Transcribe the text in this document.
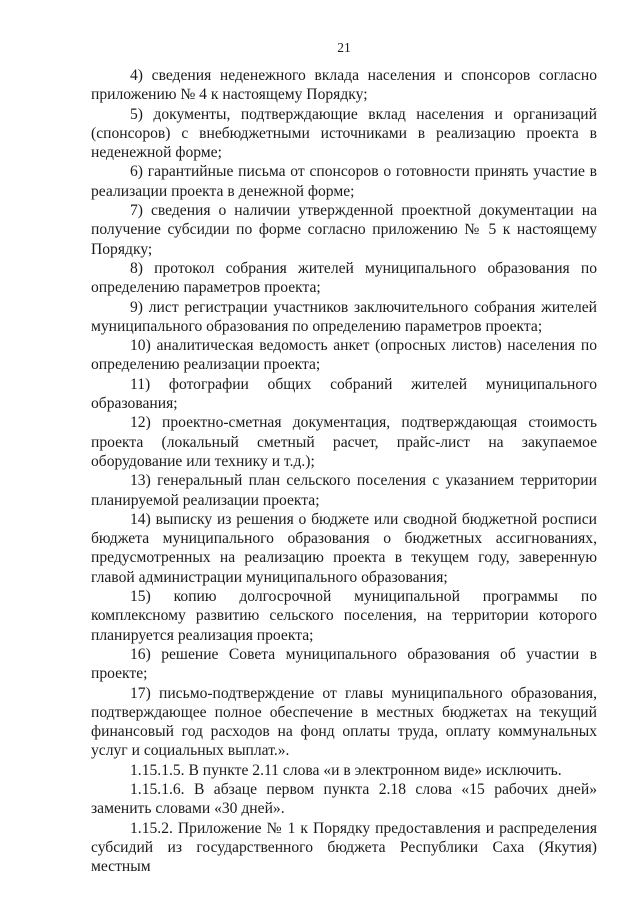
21

4) сведения неденежного вклада населения и спонсоров согласно приложению № 4 к настоящему Порядку;

5) документы, подтверждающие вклад населения и организаций (спонсоров) с внебюджетными источниками в реализацию проекта в неденежной форме;

6) гарантийные письма от спонсоров о готовности принять участие в реализации проекта в денежной форме;

7) сведения о наличии утвержденной проектной документации на получение субсидии по форме согласно приложению № 5 к настоящему Порядку;

8) протокол собрания жителей муниципального образования по определению параметров проекта;

9) лист регистрации участников заключительного собрания жителей муниципального образования по определению параметров проекта;

10) аналитическая ведомость анкет (опросных листов) населения по определению реализации проекта;

11) фотографии общих собраний жителей муниципального образования;

12) проектно-сметная документация, подтверждающая стоимость проекта (локальный сметный расчет, прайс-лист на закупаемое оборудование или технику и т.д.);

13) генеральный план сельского поселения с указанием территории планируемой реализации проекта;

14) выписку из решения о бюджете или сводной бюджетной росписи бюджета муниципального образования о бюджетных ассигнованиях, предусмотренных на реализацию проекта в текущем году, заверенную главой администрации муниципального образования;

15) копию долгосрочной муниципальной программы по комплексному развитию сельского поселения, на территории которого планируется реализация проекта;

16) решение Совета муниципального образования об участии в проекте;

17) письмо-подтверждение от главы муниципального образования, подтверждающее полное обеспечение в местных бюджетах на текущий финансовый год расходов на фонд оплаты труда, оплату коммунальных услуг и социальных выплат.».

1.15.1.5. В пункте 2.11 слова «и в электронном виде» исключить.

1.15.1.6. В абзаце первом пункта 2.18 слова «15 рабочих дней» заменить словами «30 дней».

1.15.2. Приложение № 1 к Порядку предоставления и распределения субсидий из государственного бюджета Республики Саха (Якутия) местным
